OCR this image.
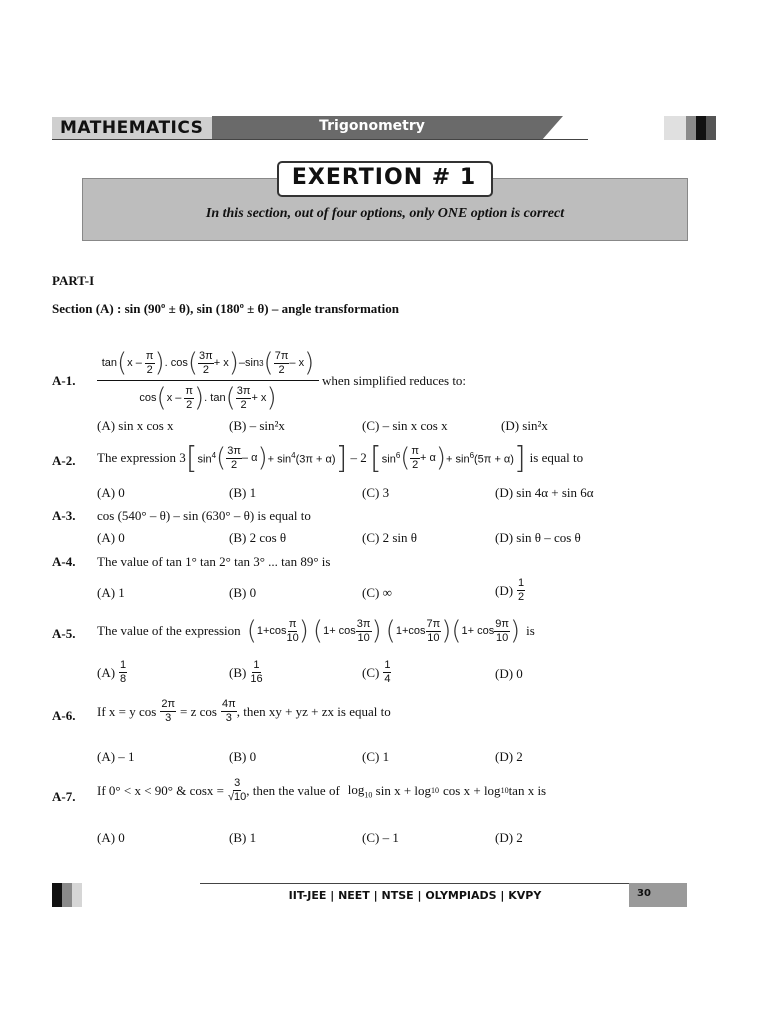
MATHEMATICS	Trigonometry
EXERTION # 1
In this section, out of four options, only ONE option is correct
PART-I
Section (A) : sin (90º ± θ), sin (180º ± θ) – angle transformation
A-1.
tan ( x – $\frac{\pi}{2}$ ) . cos ( $\frac{3\pi}{2} + x$ ) –sin 3 ( $\frac{7\pi}{2}$ – x )
cos ( x – $\frac{\pi}{2}$ ) . tan ( $\frac{3\pi}{2} + x$ )
when simplified reduces to:
(A) sin x cos x	(B) – sin²x	(C) – sin x cos x	(D) sin²x
A-2. The expression 3 [ $\sin^4$ ( $\frac{3\pi}{2}$ – α ) + $\sin^4(3\pi + \alpha)$ ] – 2 [ $\sin^6$ ( $\frac{\pi}{2} + \alpha$ ) + $\sin^6(5\pi + \alpha)$ ] is equal to
(A) 0	(B) 1	(C) 3	(D) sin 4α + sin 6α
A-3. cos (540° – θ) – sin (630° – θ) is equal to
(A) 0	(B) 2 cos θ	(C) 2 sin θ	(D) sin θ – cos θ
A-4. The value of tan 1° tan 2° tan 3° ... tan 89° is
(A) 1	(B) 0	(C) ∞	(D)
$\frac{1}{2}$
A-5. The value of the expression ( $1+\cos \frac{\pi}{10}$ )
( $1+ \cos \frac{3\pi}{10}$ )
( $1+\cos \frac{7\pi}{10}$ ) ( $1+ \cos \frac{9\pi}{10}$ ) is
(A)
$\frac{1}{8}$	(B)
$\frac{1}{16}$	(C)
$\frac{1}{4}$	(D) 0
A-6. If x = y cos
$\frac{2\pi}{3}$
= z cos
$\frac{4\pi}{3}$ , then xy + yz + zx is equal to
(A) – 1	(B) 0	(C) 1	(D) 2
A-7. If 0° < x < 90° & cosx =
$\frac{3}{√10}$ , then the value of
$\log_{10} \sin x + \log 10$
cos x + log 10 tan x is
(A) 0	(B) 1	(C) – 1	(D) 2
IIT-JEE | NEET | NTSE | OLYMPIADS | KVPY	30
